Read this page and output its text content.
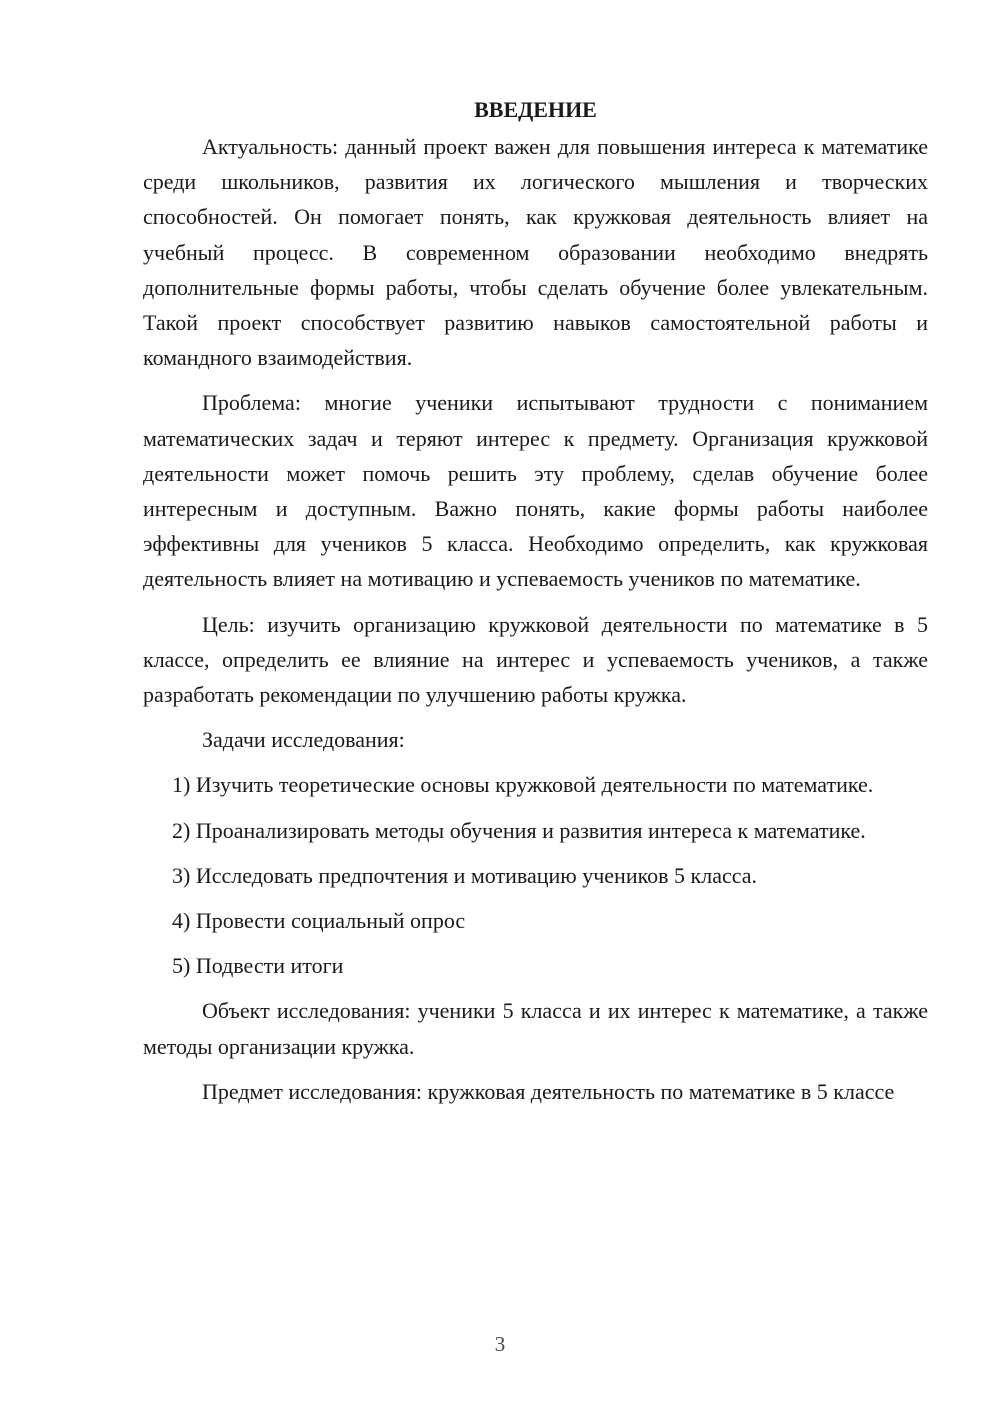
ВВЕДЕНИЕ

Актуальность: данный проект важен для повышения интереса к математике среди школьников, развития их логического мышления и творческих способностей. Он помогает понять, как кружковая деятельность влияет на учебный процесс. В современном образовании необходимо внедрять дополнительные формы работы, чтобы сделать обучение более увлекательным. Такой проект способствует развитию навыков самостоятельной работы и командного взаимодействия.

Проблема: многие ученики испытывают трудности с пониманием математических задач и теряют интерес к предмету. Организация кружковой деятельности может помочь решить эту проблему, сделав обучение более интересным и доступным. Важно понять, какие формы работы наиболее эффективны для учеников 5 класса. Необходимо определить, как кружковая деятельность влияет на мотивацию и успеваемость учеников по математике.

Цель: изучить организацию кружковой деятельности по математике в 5 классе, определить ее влияние на интерес и успеваемость учеников, а также разработать рекомендации по улучшению работы кружка.

Задачи исследования:

1) Изучить теоретические основы кружковой деятельности по математике.

2) Проанализировать методы обучения и развития интереса к математике.

3) Исследовать предпочтения и мотивацию учеников 5 класса.

4) Провести социальный опрос

5) Подвести итоги

Объект исследования: ученики 5 класса и их интерес к математике, а также методы организации кружка.

Предмет исследования: кружковая деятельность по математике в 5 классе

3
